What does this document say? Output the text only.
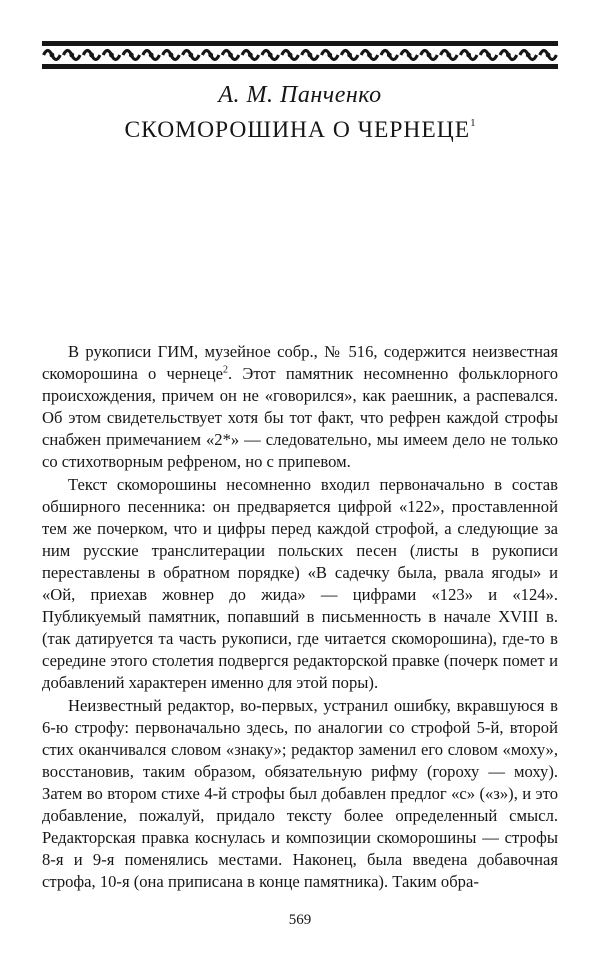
А. М. Панченко
СКОМОРОШИНА О ЧЕРНЕЦЕ$^1$

В рукописи ГИМ, музейное собр., № 516, содержится неизвестная скоморошина о чернеце$^2$. Этот памятник несомненно фольклорного происхождения, причем он не «говорился», как раешник, а распевался. Об этом свидетельствует хотя бы тот факт, что рефрен каждой строфы снабжен примечанием «2*» — следовательно, мы имеем дело не только со стихотворным рефреном, но с припевом.

Текст скоморошины несомненно входил первоначально в состав обширного песенника: он предваряется цифрой «122», проставленной тем же почерком, что и цифры перед каждой строфой, а следующие за ним русские транслитерации польских песен (листы в рукописи переставлены в обратном порядке) «В садечку была, рвала ягоды» и «Ой, приехав жовнер до жида» — цифрами «123» и «124». Публикуемый памятник, попавший в письменность в начале XVIII в. (так датируется та часть рукописи, где читается скоморошина), где-то в середине этого столетия подвергся редакторской правке (почерк помет и добавлений характерен именно для этой поры).

Неизвестный редактор, во-первых, устранил ошибку, вкравшуюся в 6-ю строфу: первоначально здесь, по аналогии со строфой 5-й, второй стих оканчивался словом «знаку»; редактор заменил его словом «моху», восстановив, таким образом, обязательную рифму (гороху — моху). Затем во втором стихе 4-й строфы был добавлен предлог «с» («з»), и это добавление, пожалуй, придало тексту более определенный смысл. Редакторская правка коснулась и композиции скоморошины — строфы 8-я и 9-я поменялись местами. Наконец, была введена добавочная строфа, 10-я (она приписана в конце памятника). Таким обра-

569
